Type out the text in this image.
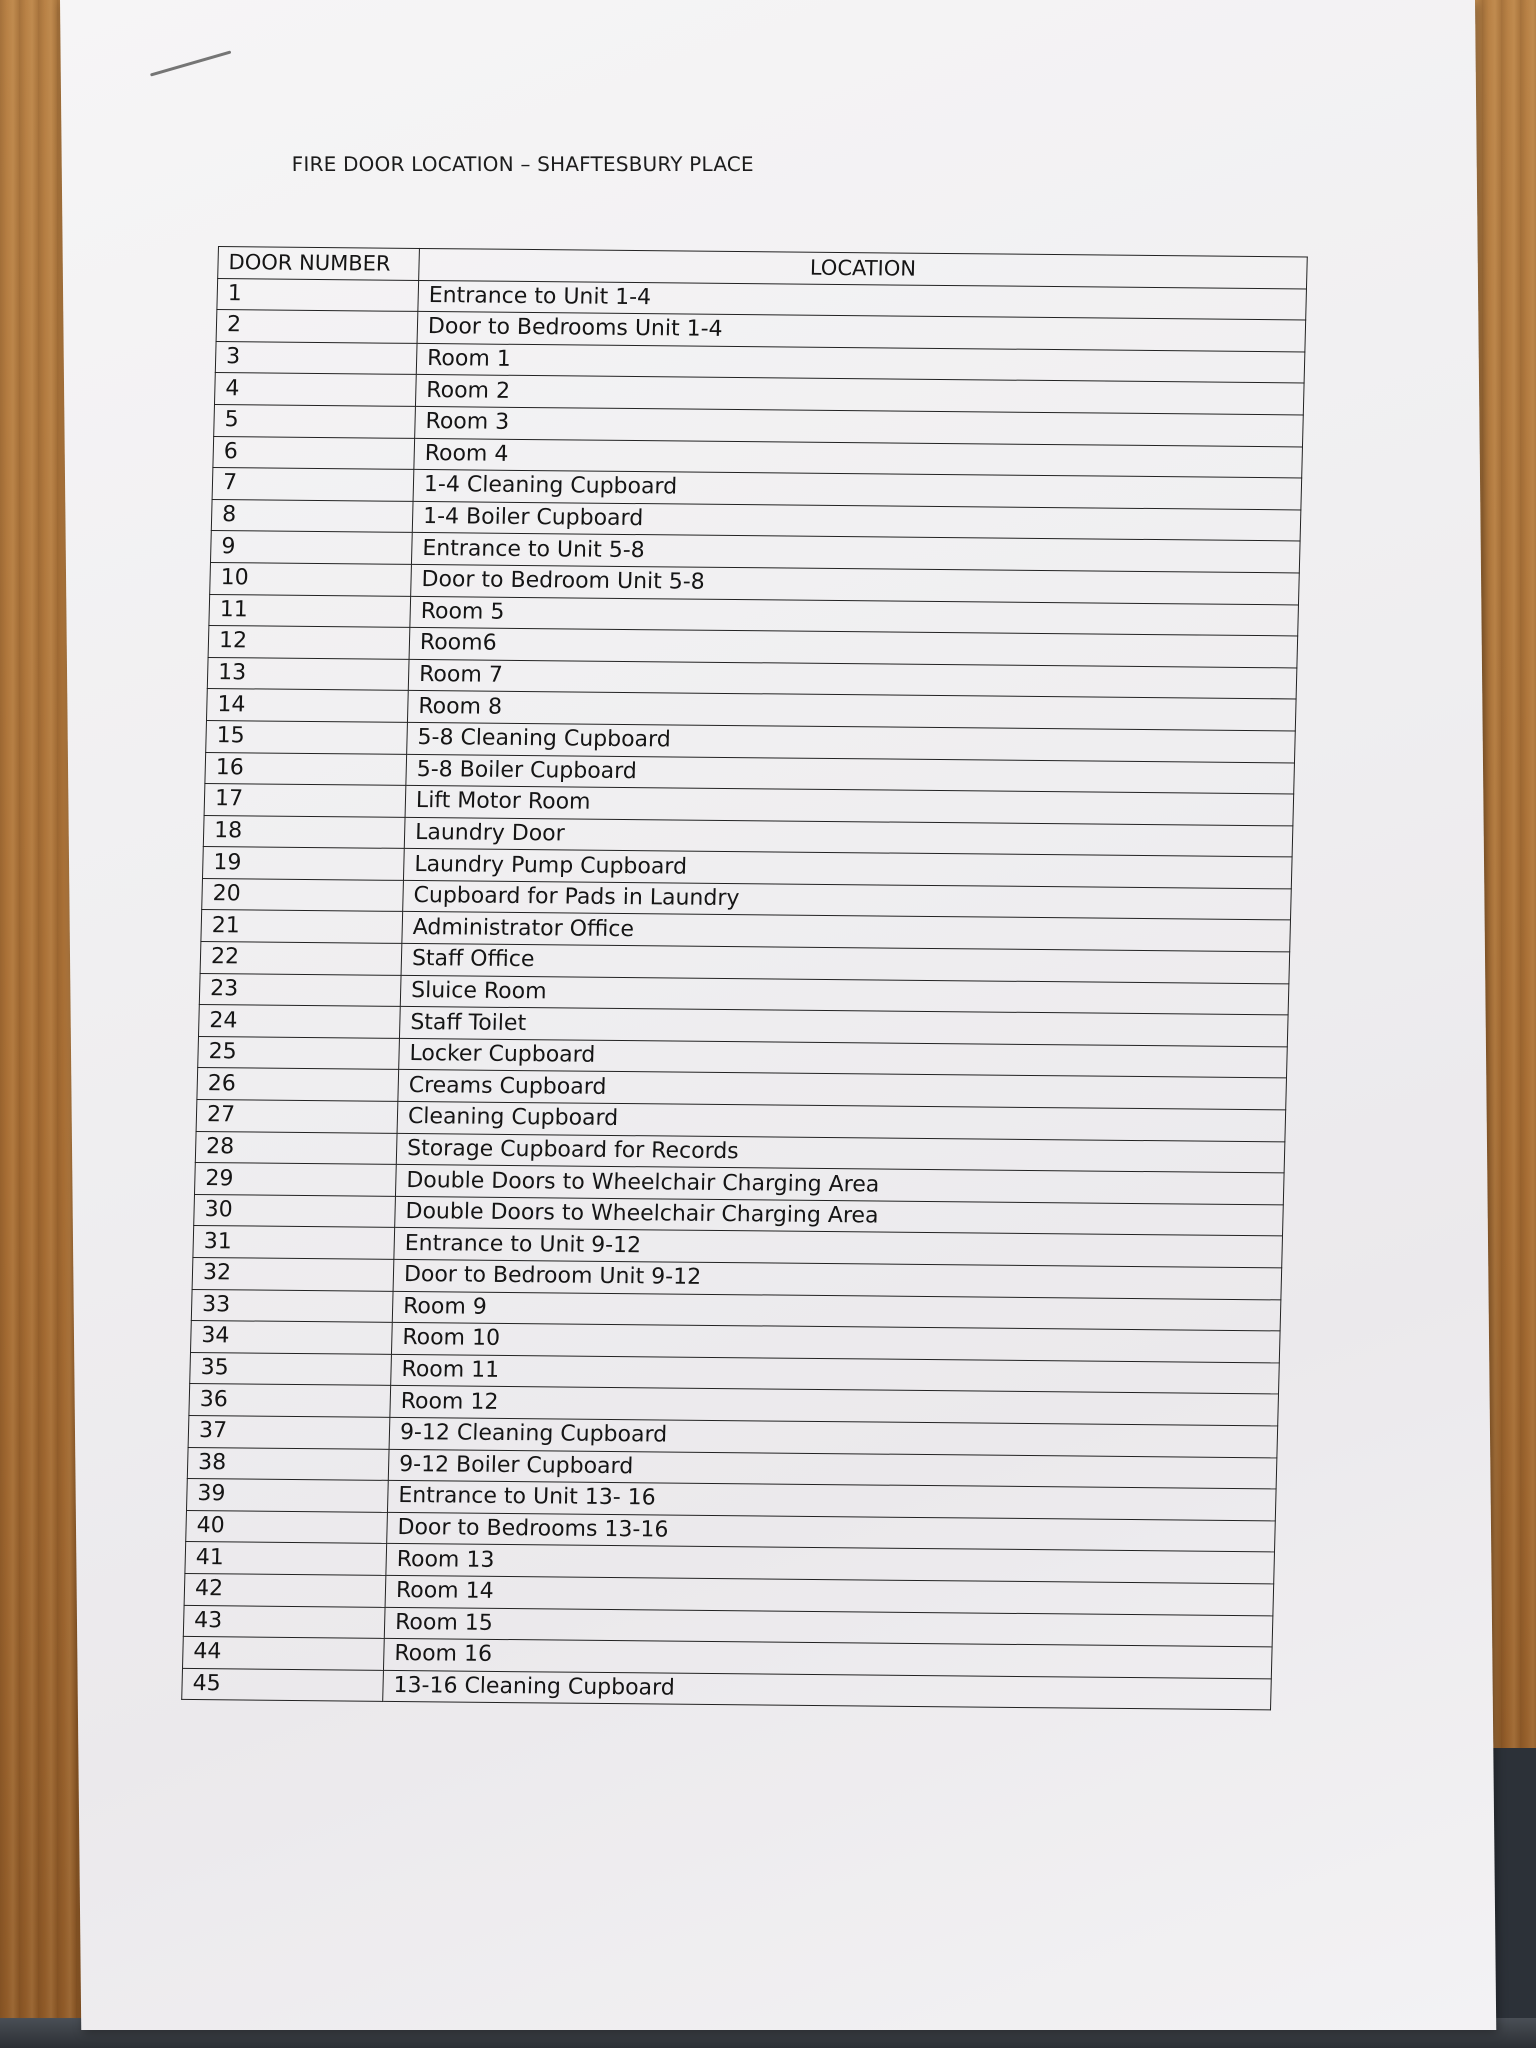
FIRE DOOR LOCATION – SHAFTESBURY PLACE
DOOR NUMBER	LOCATION
1	Entrance to Unit 1-4
2	Door to Bedrooms Unit 1-4
3	Room 1
4	Room 2
5	Room 3
6	Room 4
7	1-4 Cleaning Cupboard
8	1-4 Boiler Cupboard
9	Entrance to Unit 5-8
10	Door to Bedroom Unit 5-8
11	Room 5
12	Room6
13	Room 7
14	Room 8
15	5-8 Cleaning Cupboard
16	5-8 Boiler Cupboard
17	Lift Motor Room
18	Laundry Door
19	Laundry Pump Cupboard
20	Cupboard for Pads in Laundry
21	Administrator Office
22	Staff Office
23	Sluice Room
24	Staff Toilet
25	Locker Cupboard
26	Creams Cupboard
27	Cleaning Cupboard
28	Storage Cupboard for Records
29	Double Doors to Wheelchair Charging Area
30	Double Doors to Wheelchair Charging Area
31	Entrance to Unit 9-12
32	Door to Bedroom Unit 9-12
33	Room 9
34	Room 10
35	Room 11
36	Room 12
37	9-12 Cleaning Cupboard
38	9-12 Boiler Cupboard
39	Entrance to Unit 13- 16
40	Door to Bedrooms 13-16
41	Room 13
42	Room 14
43	Room 15
44	Room 16
45	13-16 Cleaning Cupboard
